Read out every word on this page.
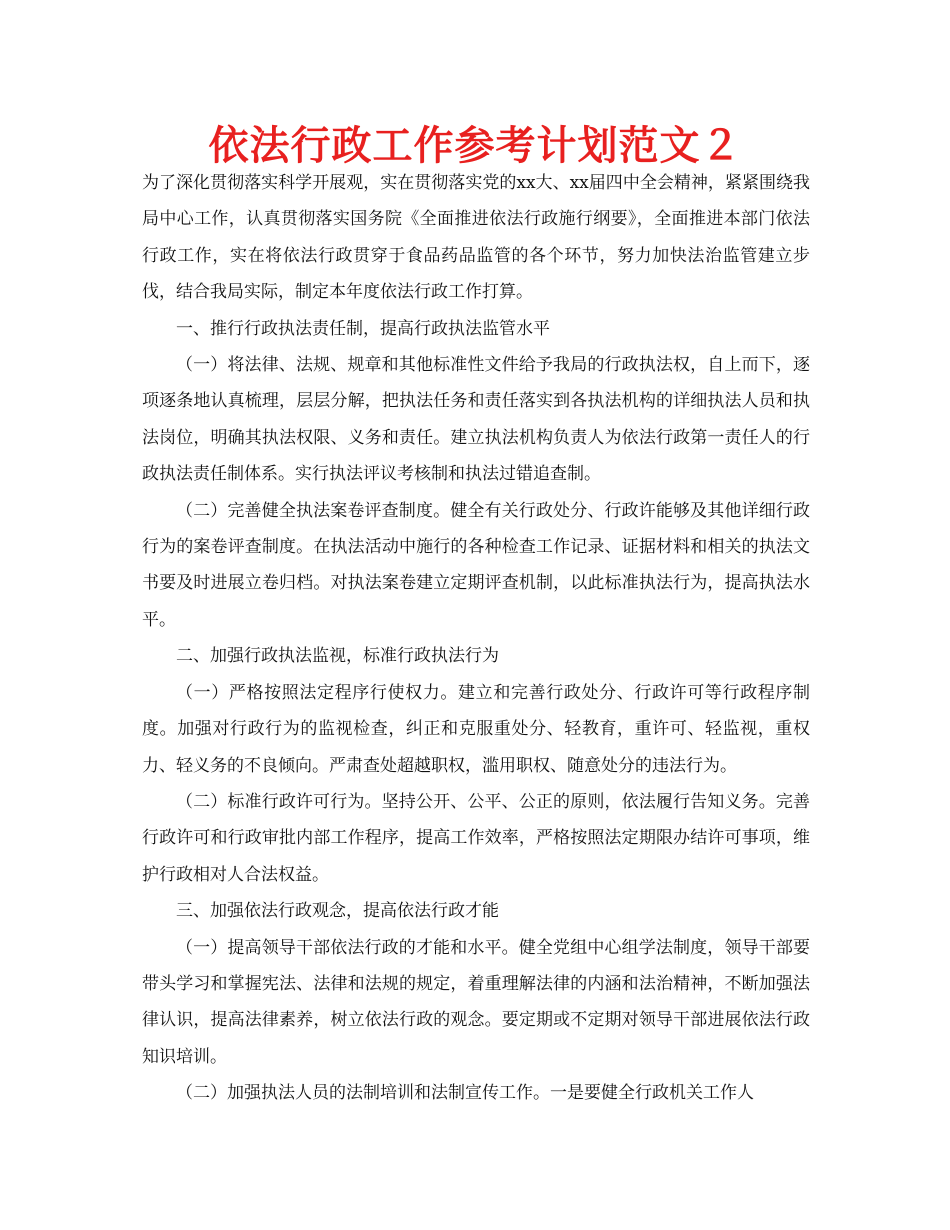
依法行政工作参考计划范文２

为了深化贯彻落实科学开展观，实在贯彻落实党的xx大、xx届四中全会精神，紧紧围绕我局中心工作，认真贯彻落实国务院《全面推进依法行政施行纲要》，全面推进本部门依法行政工作，实在将依法行政贯穿于食品药品监管的各个环节，努力加快法治监管建立步伐，结合我局实际，制定本年度依法行政工作打算。

一、推行行政执法责任制，提高行政执法监管水平

（一）将法律、法规、规章和其他标准性文件给予我局的行政执法权，自上而下，逐项逐条地认真梳理，层层分解，把执法任务和责任落实到各执法机构的详细执法人员和执法岗位，明确其执法权限、义务和责任。建立执法机构负责人为依法行政第一责任人的行政执法责任制体系。实行执法评议考核制和执法过错追查制。

（二）完善健全执法案卷评查制度。健全有关行政处分、行政许能够及其他详细行政行为的案卷评查制度。在执法活动中施行的各种检查工作记录、证据材料和相关的执法文书要及时进展立卷归档。对执法案卷建立定期评查机制，以此标准执法行为，提高执法水平。

二、加强行政执法监视，标准行政执法行为

（一）严格按照法定程序行使权力。建立和完善行政处分、行政许可等行政程序制度。加强对行政行为的监视检查，纠正和克服重处分、轻教育，重许可、轻监视，重权力、轻义务的不良倾向。严肃查处超越职权，滥用职权、随意处分的违法行为。

（二）标准行政许可行为。坚持公开、公平、公正的原则，依法履行告知义务。完善行政许可和行政审批内部工作程序，提高工作效率，严格按照法定期限办结许可事项，维护行政相对人合法权益。

三、加强依法行政观念，提高依法行政才能

（一）提高领导干部依法行政的才能和水平。健全党组中心组学法制度，领导干部要带头学习和掌握宪法、法律和法规的规定，着重理解法律的内涵和法治精神，不断加强法律认识，提高法律素养，树立依法行政的观念。要定期或不定期对领导干部进展依法行政知识培训。

（二）加强执法人员的法制培训和法制宣传工作。一是要健全行政机关工作人
